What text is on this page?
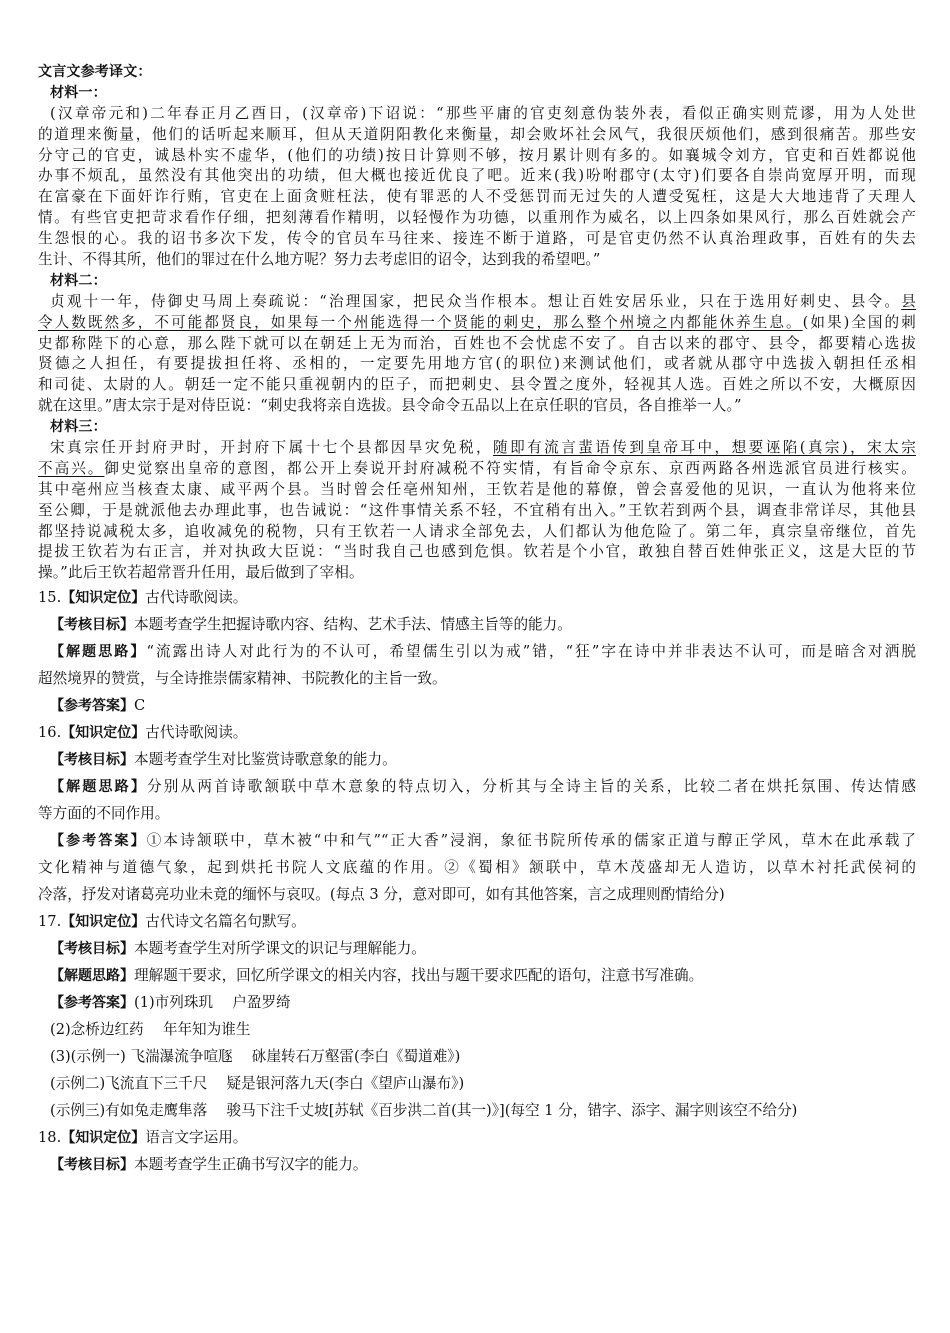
文言文参考译文：
材料一：
(汉章帝元和)二年春正月乙酉日，(汉章帝)下诏说：“那些平庸的官吏刻意伪装外表，看似正确实则荒谬，用为人处世
的道理来衡量，他们的话听起来顺耳，但从天道阴阳教化来衡量，却会败坏社会风气，我很厌烦他们，感到很痛苦。那些安
分守己的官吏，诚恳朴实不虚华，(他们的功绩)按日计算则不够，按月累计则有多的。如襄城令刘方，官吏和百姓都说他
办事不烦乱，虽然没有其他突出的功绩，但大概也接近优良了吧。近来(我)吩咐郡守(太守)们要各自崇尚宽厚开明，而现
在富豪在下面奸诈行贿，官吏在上面贪赃枉法，使有罪恶的人不受惩罚而无过失的人遭受冤枉，这是大大地违背了天理人
情。有些官吏把苛求看作仔细，把刻薄看作精明，以轻慢作为功德，以重刑作为威名，以上四条如果风行，那么百姓就会产
生怨恨的心。我的诏书多次下发，传令的官员车马往来、接连不断于道路，可是官吏仍然不认真治理政事，百姓有的失去
生计、不得其所，他们的罪过在什么地方呢？努力去考虑旧的诏令，达到我的希望吧。”
材料二：
贞观十一年，侍御史马周上奏疏说：“治理国家，把民众当作根本。想让百姓安居乐业，只在于选用好刺史、县令。县
令人数既然多，不可能都贤良，如果每一个州能选得一个贤能的刺史，那么整个州境之内都能休养生息。(如果)全国的刺
史都称陛下的心意，那么陛下就可以在朝廷上无为而治，百姓也不会忧虑不安了。自古以来的郡守、县令，都要精心选拔
贤德之人担任，有要提拔担任将、丞相的，一定要先用地方官(的职位)来测试他们，或者就从郡守中选拔入朝担任丞相
和司徒、太尉的人。朝廷一定不能只重视朝内的臣子，而把刺史、县令置之度外，轻视其人选。百姓之所以不安，大概原因
就在这里。”唐太宗于是对侍臣说：“刺史我将亲自选拔。县令命令五品以上在京任职的官员，各自推举一人。”
材料三：
宋真宗任开封府尹时，开封府下属十七个县都因旱灾免税，随即有流言蜚语传到皇帝耳中，想要诬陷(真宗)，宋太宗
不高兴。御史觉察出皇帝的意图，都公开上奏说开封府减税不符实情，有旨命令京东、京西两路各州选派官员进行核实。
其中亳州应当核查太康、咸平两个县。当时曾会任亳州知州，王钦若是他的幕僚，曾会喜爱他的见识，一直认为他将来位
至公卿，于是就派他去办理此事，也告诫说：“这件事情关系不轻，不宜稍有出入。”王钦若到两个县，调查非常详尽，其他县
都坚持说减税太多，追收减免的税物，只有王钦若一人请求全部免去，人们都认为他危险了。第二年，真宗皇帝继位，首先
提拔王钦若为右正言，并对执政大臣说：“当时我自己也感到危惧。钦若是个小官，敢独自替百姓伸张正义，这是大臣的节
操。”此后王钦若超常晋升任用，最后做到了宰相。
15.【知识定位】古代诗歌阅读。
【考核目标】本题考查学生把握诗歌内容、结构、艺术手法、情感主旨等的能力。
【解题思路】“流露出诗人对此行为的不认可，希望儒生引以为戒”错，“狂”字在诗中并非表达不认可，而是暗含对洒脱
超然境界的赞赏，与全诗推崇儒家精神、书院教化的主旨一致。
【参考答案】C
16.【知识定位】古代诗歌阅读。
【考核目标】本题考查学生对比鉴赏诗歌意象的能力。
【解题思路】分别从两首诗歌颔联中草木意象的特点切入，分析其与全诗主旨的关系，比较二者在烘托氛围、传达情感
等方面的不同作用。
【参考答案】①本诗颔联中，草木被“中和气”“正大香”浸润，象征书院所传承的儒家正道与醇正学风，草木在此承载了
文化精神与道德气象，起到烘托书院人文底蕴的作用。②《蜀相》颔联中，草木茂盛却无人造访，以草木衬托武侯祠的
冷落，抒发对诸葛亮功业未竟的缅怀与哀叹。(每点 3 分，意对即可，如有其他答案，言之成理则酌情给分)
17.【知识定位】古代诗文名篇名句默写。
【考核目标】本题考查学生对所学课文的识记与理解能力。
【解题思路】理解题干要求，回忆所学课文的相关内容，找出与题干要求匹配的语句，注意书写准确。
【参考答案】(1)市列珠玑　 户盈罗绮
(2)念桥边红药　 年年知为谁生
(3)(示例一) 飞湍瀑流争喧豗　 砯崖转石万壑雷(李白《蜀道难》)
(示例二)飞流直下三千尺　 疑是银河落九天(李白《望庐山瀑布》)
(示例三)有如兔走鹰隼落　 骏马下注千丈坡[苏轼《百步洪二首(其一)》](每空 1 分，错字、添字、漏字则该空不给分)
18.【知识定位】语言文字运用。
【考核目标】本题考查学生正确书写汉字的能力。
